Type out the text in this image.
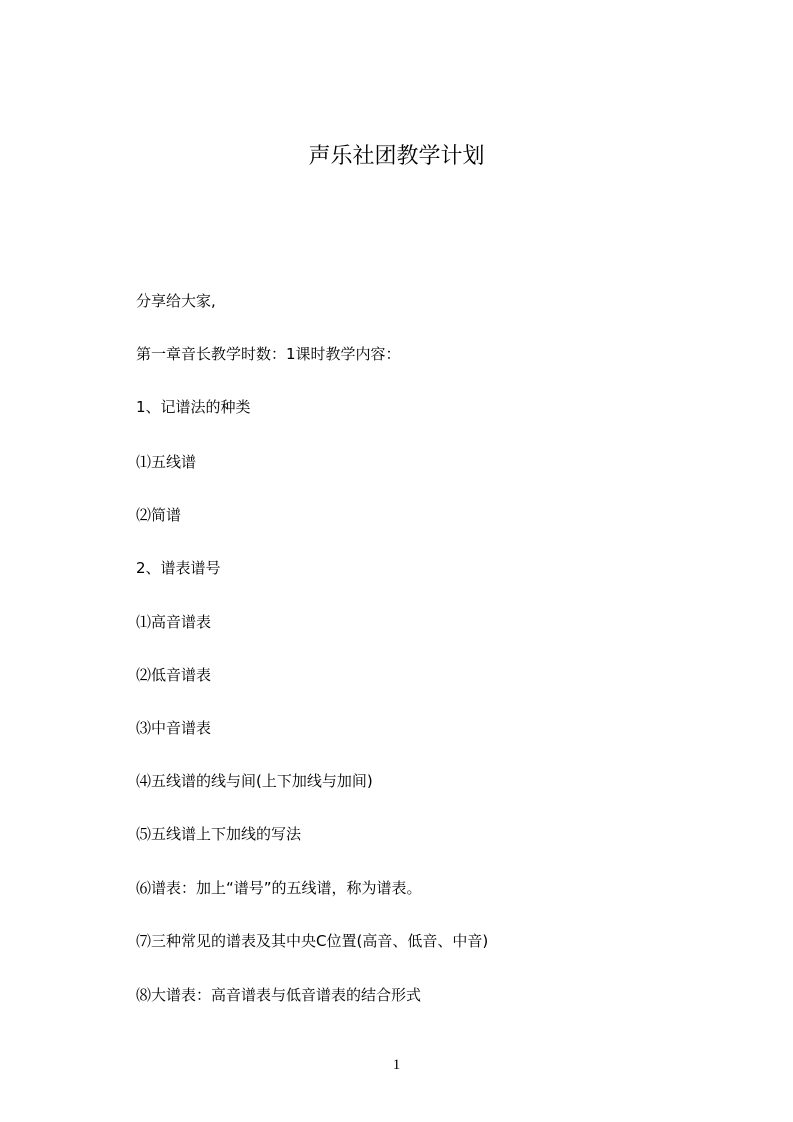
声乐社团教学计划
分享给大家,
第一章音长教学时数：1课时教学内容：
1、记谱法的种类
⑴五线谱
⑵简谱
2、谱表谱号
⑴高音谱表
⑵低音谱表
⑶中音谱表
⑷五线谱的线与间(上下加线与加间)
⑸五线谱上下加线的写法
⑹谱表：加上“谱号”的五线谱，称为谱表。
⑺三种常见的谱表及其中央C位置(高音、低音、中音)
⑻大谱表：高音谱表与低音谱表的结合形式
1
